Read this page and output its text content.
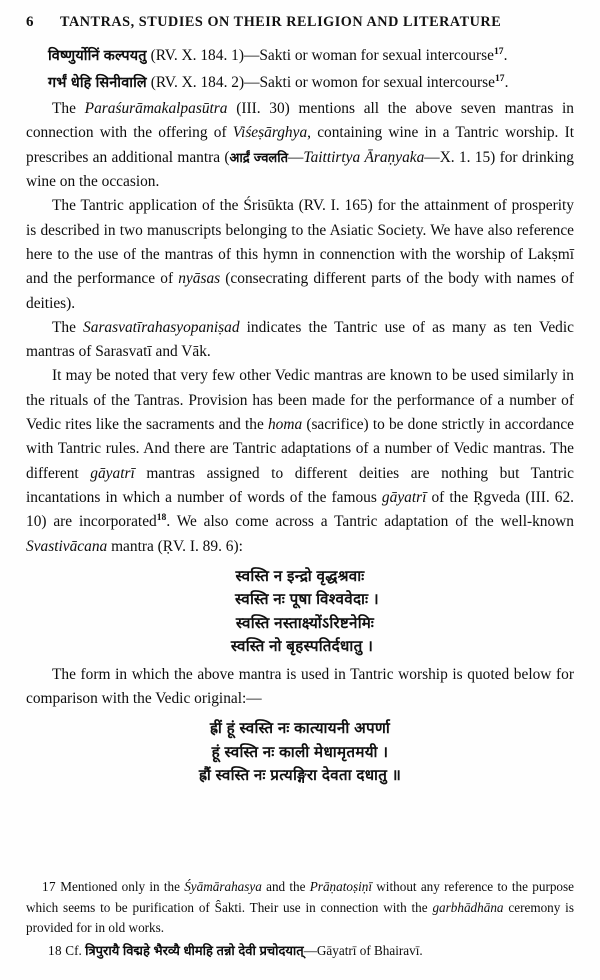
6	TANTRAS, STUDIES ON THEIR RELIGION AND LITERATURE
विष्णुर्योनिं कल्पयतु (RV. X. 184. 1)—Sakti or woman for sexual intercourse$^{17}$.
गर्भं धेहि सिनीवालि (RV. X. 184. 2)—Sakti or womon for sexual intercourse$^{17}$.

The Paraśurāmakalpasūtra (III. 30) mentions all the above seven mantras in connection with the offering of Viśeṣārghya, containing wine in a Tantric worship. It prescribes an additional mantra (आर्द्रं ज्वलति—Taittirtya Āraṇyaka—X. 1. 15) for drinking wine on the occasion.

The Tantric application of the Śrisūkta (RV. I. 165) for the attainment of prosperity is described in two manuscripts belonging to the Asiatic Society. We have also reference here to the use of the mantras of this hymn in connenction with the worship of Lakṣmī and the performance of nyāsas (consecrating different parts of the body with names of deities).

The Sarasvatīrahasyopaniṣad indicates the Tantric use of as many as ten Vedic mantras of Sarasvatī and Vāk.

It may be noted that very few other Vedic mantras are known to be used similarly in the rituals of the Tantras. Provision has been made for the performance of a number of Vedic rites like the sacraments and the homa (sacrifice) to be done strictly in accordance with Tantric rules. And there are Tantric adaptations of a number of Vedic mantras. The different gāyatrī mantras assigned to different deities are nothing but Tantric incantations in which a number of words of the famous gāyatrī of the Ṛgveda (III. 62. 10) are incorporated$^{18}$. We also come across a Tantric adaptation of the well-known Svastivācana mantra (ṚV. I. 89. 6):

स्वस्ति न इन्द्रो वृद्धश्रवाः
स्वस्ति नः पूषा विश्ववेदाः ।
स्वस्ति नस्ताक्ष्योंऽरिष्टनेमिः
स्वस्ति नो बृहस्पतिर्दधातु ।

The form in which the above mantra is used in Tantric worship is quoted below for comparison with the Vedic original:—

ह्रीं हूं स्वस्ति नः कात्यायनी अपर्णा
हूं स्वस्ति नः काली मेधामृतमयी ।
ह्रौं स्वस्ति नः प्रत्यङ्गिरा देवता दधातु ॥

17 Mentioned only in the Śyāmārahasya and the Prāṇatoṣiṇī without any reference to the purpose which seems to be purification of Ŝakti. Their use in connection with the garbhādhāna ceremony is provided for in old works.

18 Cf. त्रिपुरायै विद्महे भैरव्यै धीमहि तन्नो देवी प्रचोदयात्—Gāyatrī of Bhairavī.
